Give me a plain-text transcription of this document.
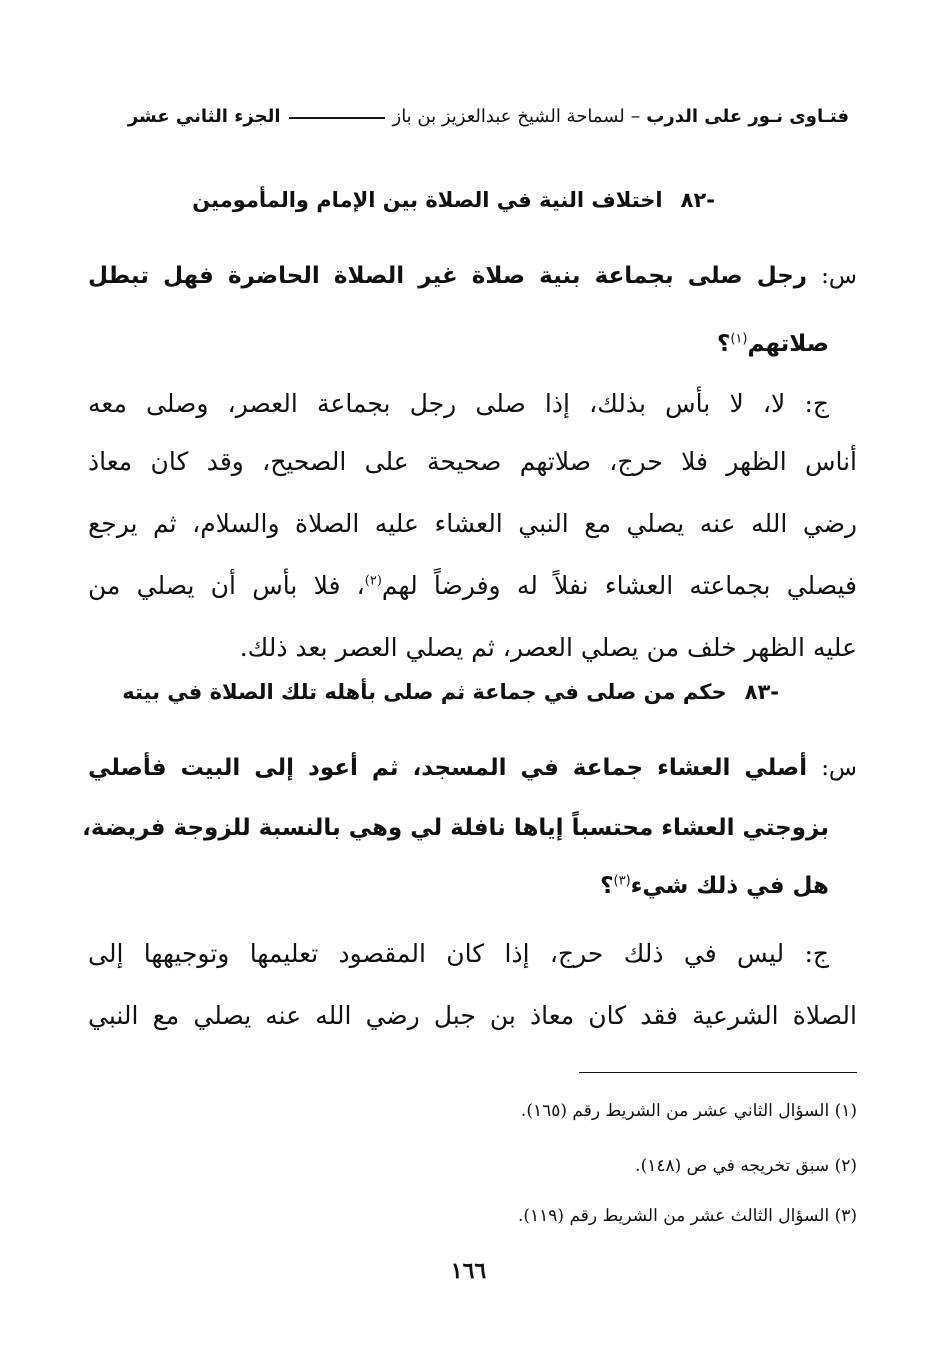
فتـاوى نـور على الدرب
–
لسماحة الشيخ عبدالعزيز بن باز
الجزء الثاني عشر
-٨٢
اختلاف النية في الصلاة بين الإمام والمأمومين
س: رجل صلى بجماعة بنية صلاة غير الصلاة الحاضرة فهل تبطل
صلاتهم$^{(١)}$؟
ج: لا، لا بأس بذلك، إذا صلى رجل بجماعة العصر، وصلى معه
أناس الظهر فلا حرج، صلاتهم صحيحة على الصحيح، وقد كان معاذ
رضي الله عنه يصلي مع النبي العشاء عليه الصلاة والسلام، ثم يرجع
فيصلي بجماعته العشاء نفلاً له وفرضاً لهم$^{(٢)}$، فلا بأس أن يصلي من
عليه الظهر خلف من يصلي العصر، ثم يصلي العصر بعد ذلك.
-٨٣
حكم من صلى في جماعة ثم صلى بأهله تلك الصلاة في بيته
س: أصلي العشاء جماعة في المسجد، ثم أعود إلى البيت فأصلي
بزوجتي العشاء محتسباً إياها نافلة لي وهي بالنسبة للزوجة فريضة،
هل في ذلك شيء$^{(٣)}$؟
ج: ليس في ذلك حرج، إذا كان المقصود تعليمها وتوجيهها إلى
الصلاة الشرعية فقد كان معاذ بن جبل رضي الله عنه يصلي مع النبي
(١) السؤال الثاني عشر من الشريط رقم (١٦٥).
(٢) سبق تخريجه في ص (١٤٨).
(٣) السؤال الثالث عشر من الشريط رقم (١١٩).
١٦٦
